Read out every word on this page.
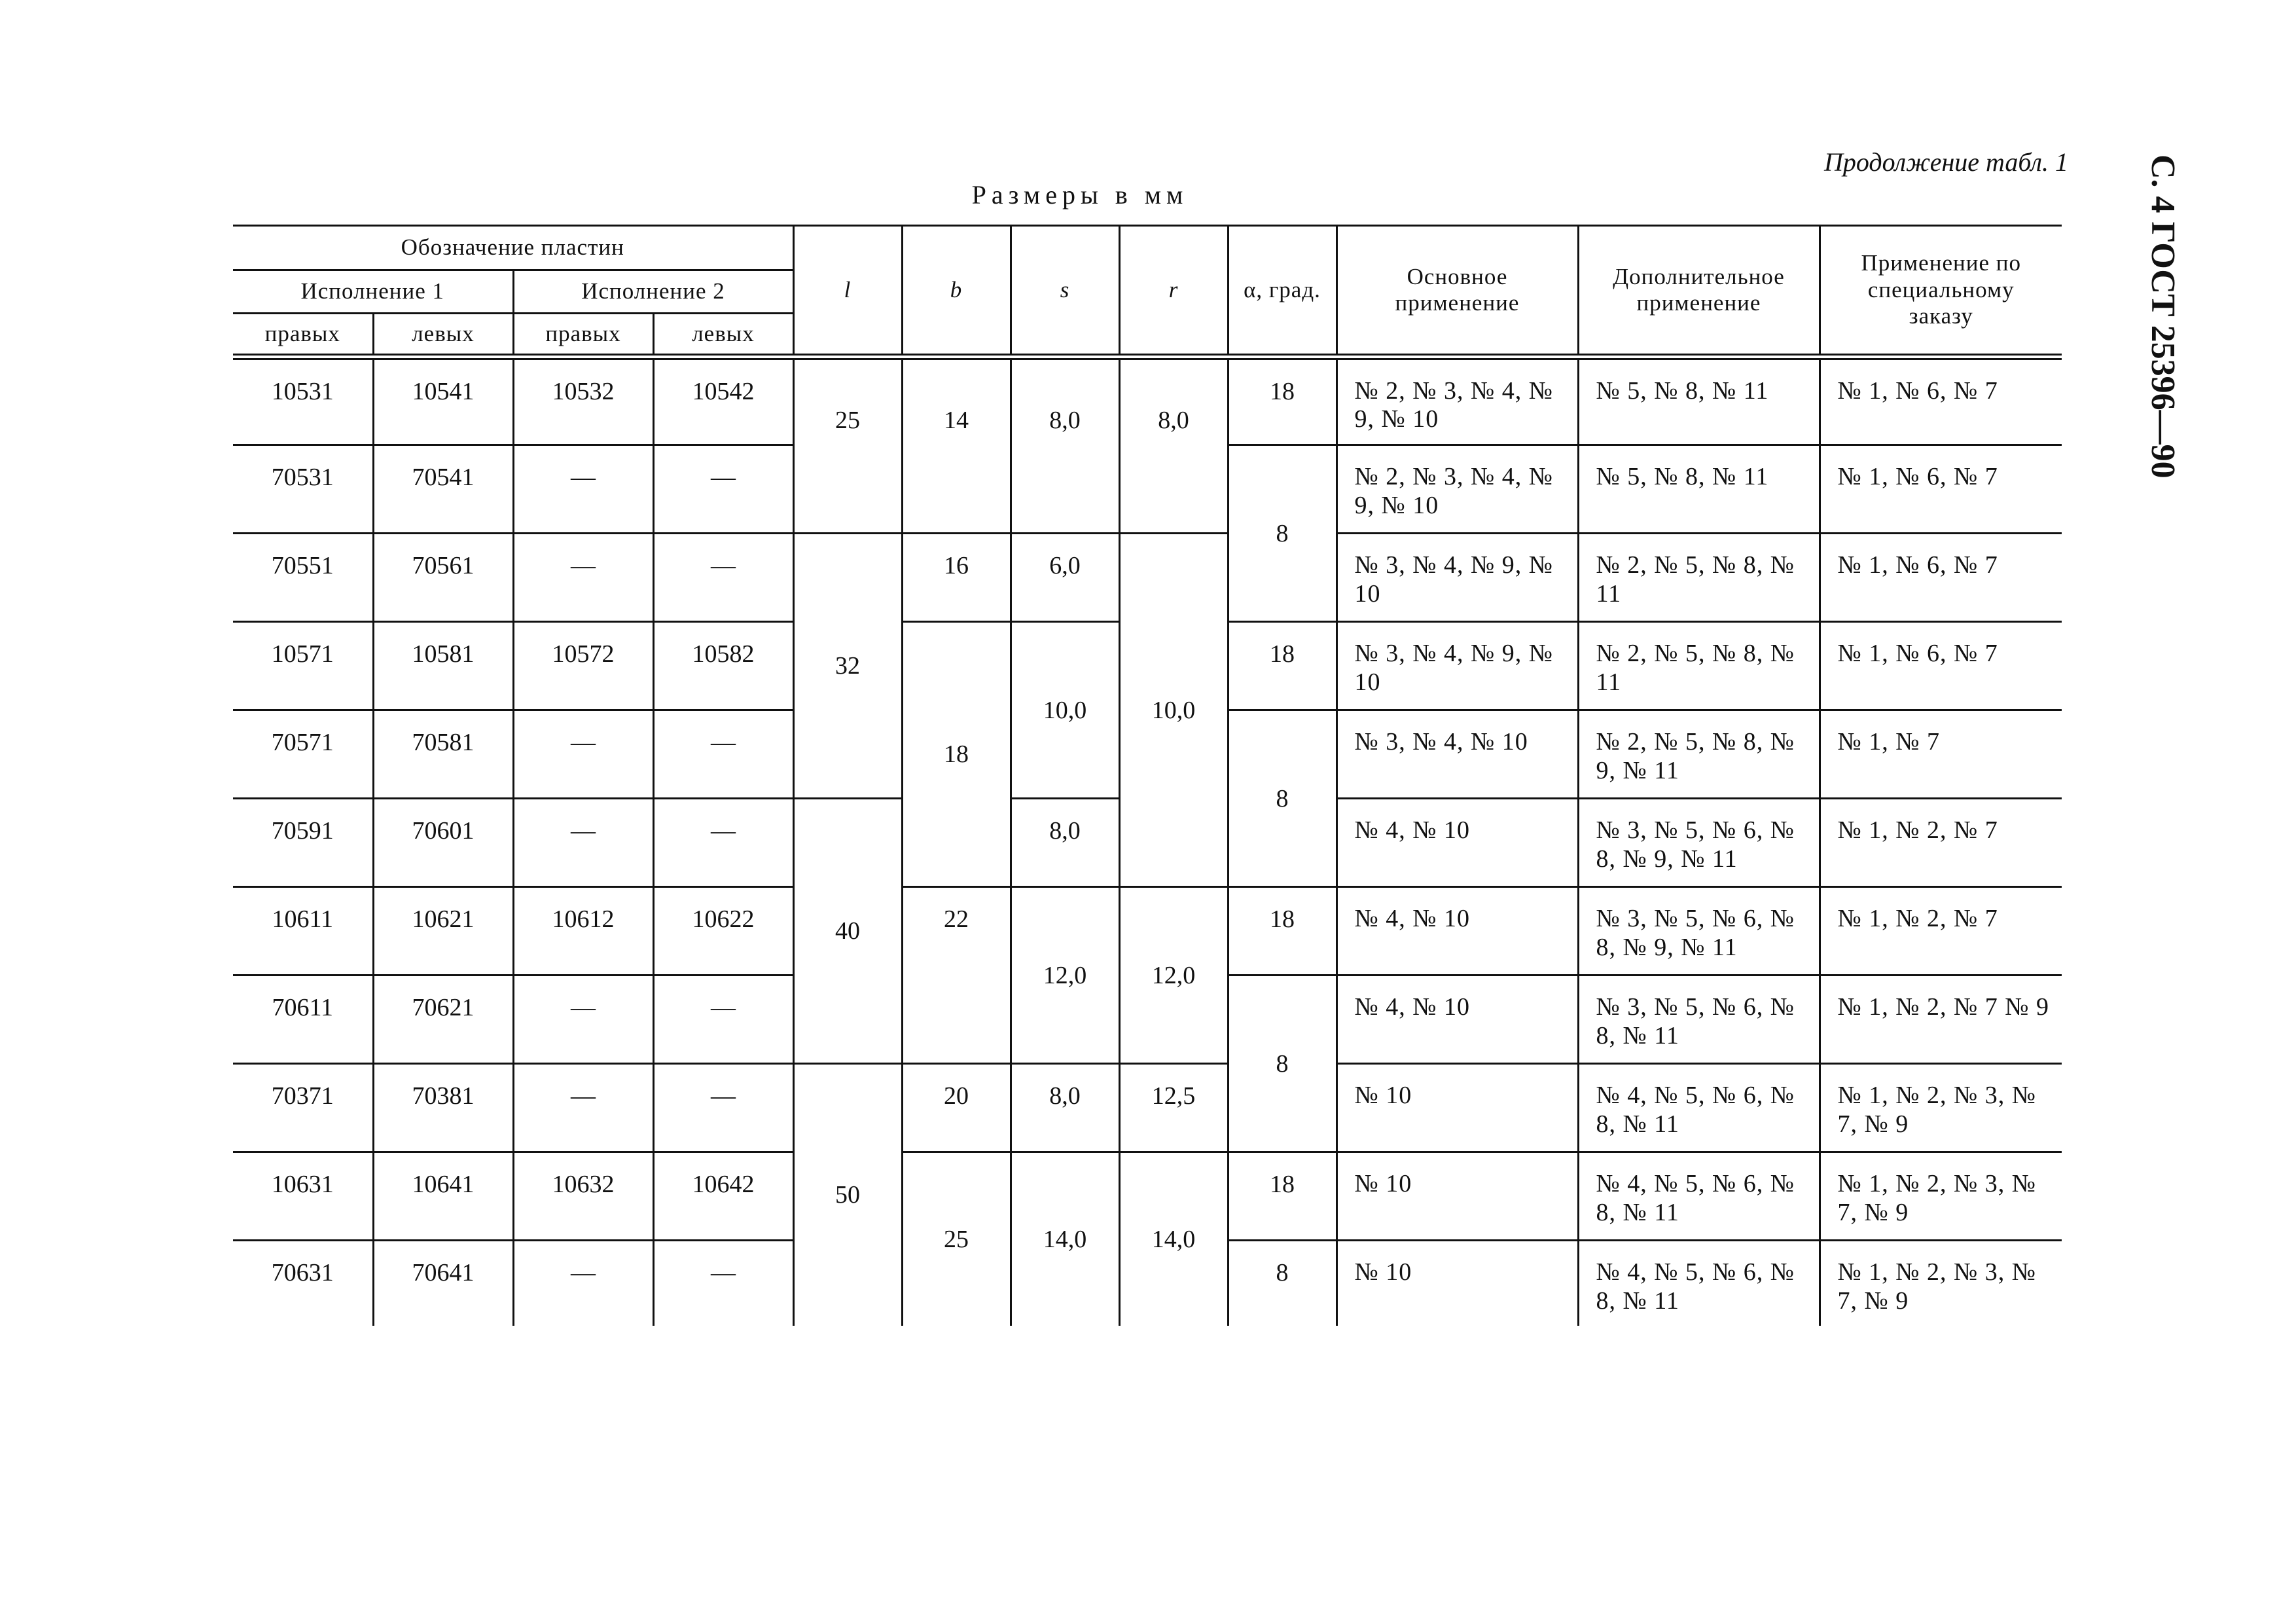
Продолжение табл. 1
Размеры в мм	С. 4 ГОСТ 25396—90
Обозначение пластин				l	b	s	r	α, град.	Основное применение	Дополнительное применение	Применение по специальному заказу
Исполнение 1		Исполнение 2									
правых	левых	правых	левых								
10531	10541	10532	10542	25	14	8,0	8,0	18	№ 2, № 3, № 4, № 9, № 10	№ 5, № 8, № 11	№ 1, № 6, № 7
70531	70541	—	—					8	№ 2, № 3, № 4, № 9, № 10	№ 5, № 8, № 11	№ 1, № 6, № 7
70551	70561	—	—	32	16	6,0	10,0		№ 3, № 4, № 9, № 10	№ 2, № 5, № 8, № 11	№ 1, № 6, № 7
10571	10581	10572	10582		18	10,0		18	№ 3, № 4, № 9, № 10	№ 2, № 5, № 8, № 11	№ 1, № 6, № 7
70571	70581	—	—					8	№ 3, № 4, № 10	№ 2, № 5, № 8, № 9, № 11	№ 1, № 7
70591	70601	—	—	40		8,0			№ 4, № 10	№ 3, № 5, № 6, № 8, № 9, № 11	№ 1, № 2, № 7
10611	10621	10612	10622		22	12,0	12,0	18	№ 4, № 10	№ 3, № 5, № 6, № 8, № 9, № 11	№ 1, № 2, № 7
70611	70621	—	—					8	№ 4, № 10	№ 3, № 5, № 6, № 8, № 11	№ 1, № 2, № 7 № 9
70371	70381	—	—	50	20	8,0	12,5		№ 10	№ 4, № 5, № 6, № 8, № 11	№ 1, № 2, № 3, № 7, № 9
10631	10641	10632	10642		25	14,0	14,0	18	№ 10	№ 4, № 5, № 6, № 8, № 11	№ 1, № 2, № 3, № 7, № 9
70631	70641	—	—					8	№ 10	№ 4, № 5, № 6, № 8, № 11	№ 1, № 2, № 3, № 7, № 9
